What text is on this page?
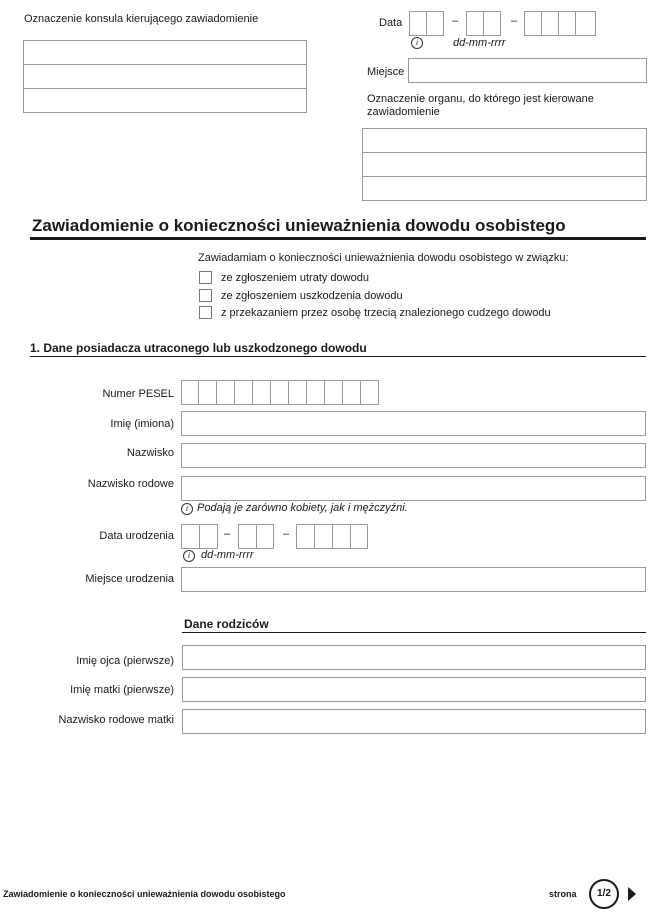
Oznaczenie konsula kierującego zawiadomienie	Data	–	–
i	dd-mm-rrrr
Miejsce
Oznaczenie organu, do którego jest kierowane zawiadomienie
Zawiadomienie o konieczności unieważnienia dowodu osobistego
Zawiadamiam o konieczności unieważnienia dowodu osobistego w związku:
ze zgłoszeniem utraty dowodu
ze zgłoszeniem uszkodzenia dowodu
z przekazaniem przez osobę trzecią znalezionego cudzego dowodu
1. Dane posiadacza utraconego lub uszkodzonego dowodu
Numer PESEL
Imię (imiona)
Nazwisko
Nazwisko rodowe
i Podają je zarówno kobiety, jak i mężczyźni.
Data urodzenia	–	–
i dd-mm-rrrr
Miejsce urodzenia
Dane rodziców
Imię ojca (pierwsze)
Imię matki (pierwsze)
Nazwisko rodowe matki
Zawiadomienie o konieczności unieważnienia dowodu osobistego	strona	1/2
